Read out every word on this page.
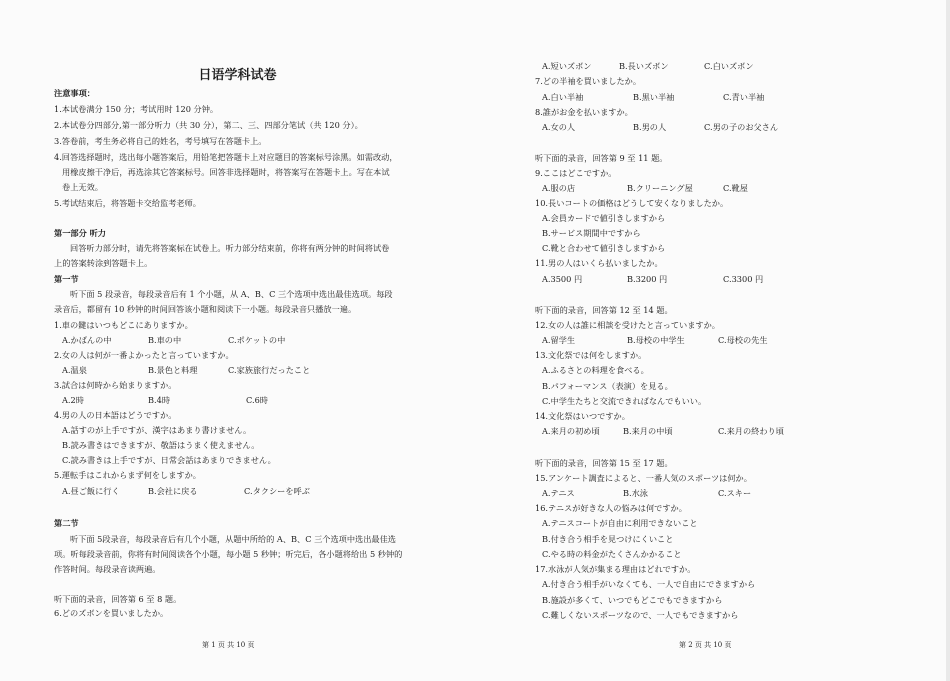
日语学科试卷
注意事项：
1.本试卷满分 150 分；考试用时 120 分钟。
2.本试卷分四部分,第一部分听力（共 30 分），第二、三、四部分笔试（共 120 分）。
3.答卷前，考生务必将自己的姓名，考号填写在答题卡上。
4.回答选择题时，选出每小题答案后，用铅笔把答题卡上对应题目的答案标号涂黑。如需改动，
用橡皮擦干净后，再选涂其它答案标号。回答非选择题时，将答案写在答题卡上。写在本试
卷上无效。
5.考试结束后，将答题卡交给监考老师。
第一部分 听力
回答听力部分时，请先将答案标在试卷上。听力部分结束前，你将有两分钟的时间将试卷
上的答案转涂到答题卡上。
第一节
听下面 5 段录音，每段录音后有 1 个小题，从 A、B、C 三个选项中选出最佳选项。每段
录音后，都留有 10 秒钟的时间回答该小题和阅读下一小题。每段录音只播放一遍。
1.車の鍵はいつもどこにありますか。
A.かばんの中	B.車の中	C.ポケットの中
2.女の人は何が一番よかったと言っていますか。
A.温泉	B.景色と料理	C.家族旅行だったこと
3.試合は何時から始まりますか。
A.2時	B.4時	C.6時
4.男の人の日本語はどうですか。
A.話すのが上手ですが、漢字はあまり書けません。
B.読み書きはできますが、敬語はうまく使えません。
C.読み書きは上手ですが、日常会話はあまりできません。
5.運転手はこれからまず何をしますか。
A.昼ご飯に行く	B.会社に戻る	C.タクシーを呼ぶ
第二节
听下面 5段录音，每段录音后有几个小题，从题中所给的 A、B、C 三个选项中选出最佳选
项。听每段录音前，你将有时间阅读各个小题，每小题 5 秒钟；听完后，各小题将给出 5 秒钟的
作答时间。每段录音读两遍。
听下面的录音，回答第 6 至 8 题。
6.どのズボンを買いましたか。
第 1 页 共 10 页
A.短いズボン	B.長いズボン	C.白いズボン
7.どの半袖を買いましたか。
A.白い半袖	B.黒い半袖	C.青い半袖
8.誰がお金を払いますか。
A.女の人	B.男の人	C.男の子のお父さん
听下面的录音，回答第 9 至 11 题。
9.ここはどこですか。
A.服の店	B.クリーニング屋	C.靴屋
10.長いコートの価格はどうして安くなりましたか。
A.会員カードで値引きしますから
B.サービス期間中ですから
C.靴と合わせて値引きしますから
11.男の人はいくら払いましたか。
A.3500 円	B.3200 円	C.3300 円
听下面的录音，回答第 12 至 14 题。
12.女の人は誰に相談を受けたと言っていますか。
A.留学生	B.母校の中学生	C.母校の先生
13.文化祭では何をしますか。
A.ふるさとの料理を食べる。
B.パフォーマンス（表演）を見る。
C.中学生たちと交流できればなんでもいい。
14.文化祭はいつですか。
A.来月の初め頃	B.来月の中頃	C.来月の終わり頃
听下面的录音，回答第 15 至 17 题。
15.アンケート調査によると、一番人気のスポーツは何か。
A.テニス	B.水泳	C.スキー
16.テニスが好きな人の悩みは何ですか。
A.テニスコートが自由に利用できないこと
B.付き合う相手を見つけにくいこと
C.やる時の料金がたくさんかかること
17.水泳が人気が集まる理由はどれですか。
A.付き合う相手がいなくても、一人で自由にできますから
B.施設が多くて、いつでもどこでもできますから
C.難しくないスポーツなので、一人でもできますから
第 2 页 共 10 页
